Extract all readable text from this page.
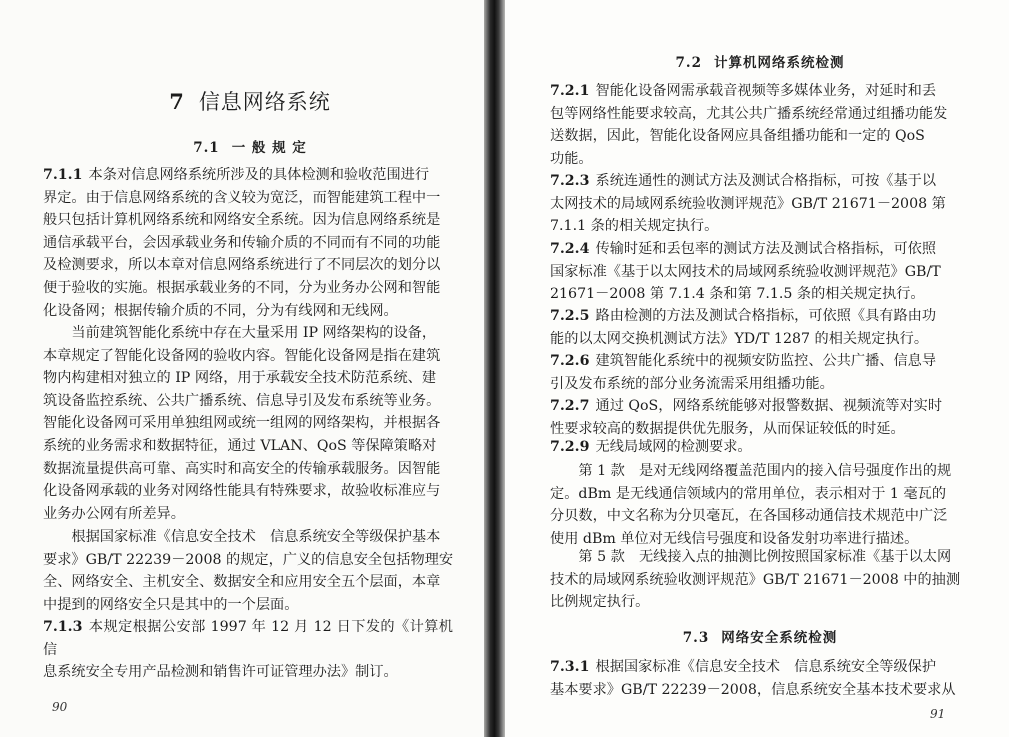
7 信息网络系统
7.1 一 般 规 定

7.1.1 本条对信息网络系统所涉及的具体检测和验收范围进行
界定。由于信息网络系统的含义较为宽泛，而智能建筑工程中一
般只包括计算机网络系统和网络安全系统。因为信息网络系统是
通信承载平台，会因承载业务和传输介质的不同而有不同的功能
及检测要求，所以本章对信息网络系统进行了不同层次的划分以
便于验收的实施。根据承载业务的不同，分为业务办公网和智能
化设备网；根据传输介质的不同，分为有线网和无线网。

当前建筑智能化系统中存在大量采用 IP 网络架构的设备，
本章规定了智能化设备网的验收内容。智能化设备网是指在建筑
物内构建相对独立的 IP 网络，用于承载安全技术防范系统、建
筑设备监控系统、公共广播系统、信息导引及发布系统等业务。
智能化设备网可采用单独组网或统一组网的网络架构，并根据各
系统的业务需求和数据特征，通过 VLAN、QoS 等保障策略对
数据流量提供高可靠、高实时和高安全的传输承载服务。因智能
化设备网承载的业务对网络性能具有特殊要求，故验收标准应与
业务办公网有所差异。

根据国家标准《信息安全技术　信息系统安全等级保护基本
要求》GB/T 22239－2008 的规定，广义的信息安全包括物理安
全、网络安全、主机安全、数据安全和应用安全五个层面，本章
中提到的网络安全只是其中的一个层面。

7.1.3 本规定根据公安部 1997 年 12 月 12 日下发的《计算机信
息系统安全专用产品检测和销售许可证管理办法》制订。

90
7.2 计算机网络系统检测

7.2.1 智能化设备网需承载音视频等多媒体业务，对延时和丢
包等网络性能要求较高，尤其公共广播系统经常通过组播功能发
送数据，因此，智能化设备网应具备组播功能和一定的 QoS
功能。

7.2.3 系统连通性的测试方法及测试合格指标，可按《基于以
太网技术的局域网系统验收测评规范》GB/T 21671－2008 第
7.1.1 条的相关规定执行。

7.2.4 传输时延和丢包率的测试方法及测试合格指标，可依照
国家标准《基于以太网技术的局域网系统验收测评规范》GB/T
21671－2008 第 7.1.4 条和第 7.1.5 条的相关规定执行。

7.2.5 路由检测的方法及测试合格指标，可依照《具有路由功
能的以太网交换机测试方法》YD/T 1287 的相关规定执行。

7.2.6 建筑智能化系统中的视频安防监控、公共广播、信息导
引及发布系统的部分业务流需采用组播功能。

7.2.7 通过 QoS，网络系统能够对报警数据、视频流等对实时
性要求较高的数据提供优先服务，从而保证较低的时延。

7.2.9 无线局域网的检测要求。

第 1 款　是对无线网络覆盖范围内的接入信号强度作出的规
定。dBm 是无线通信领域内的常用单位，表示相对于 1 毫瓦的
分贝数，中文名称为分贝毫瓦，在各国移动通信技术规范中广泛
使用 dBm 单位对无线信号强度和设备发射功率进行描述。

第 5 款　无线接入点的抽测比例按照国家标准《基于以太网
技术的局域网系统验收测评规范》GB/T 21671－2008 中的抽测
比例规定执行。

7.3 网络安全系统检测

7.3.1 根据国家标准《信息安全技术　信息系统安全等级保护
基本要求》GB/T 22239－2008，信息系统安全基本技术要求从

91
